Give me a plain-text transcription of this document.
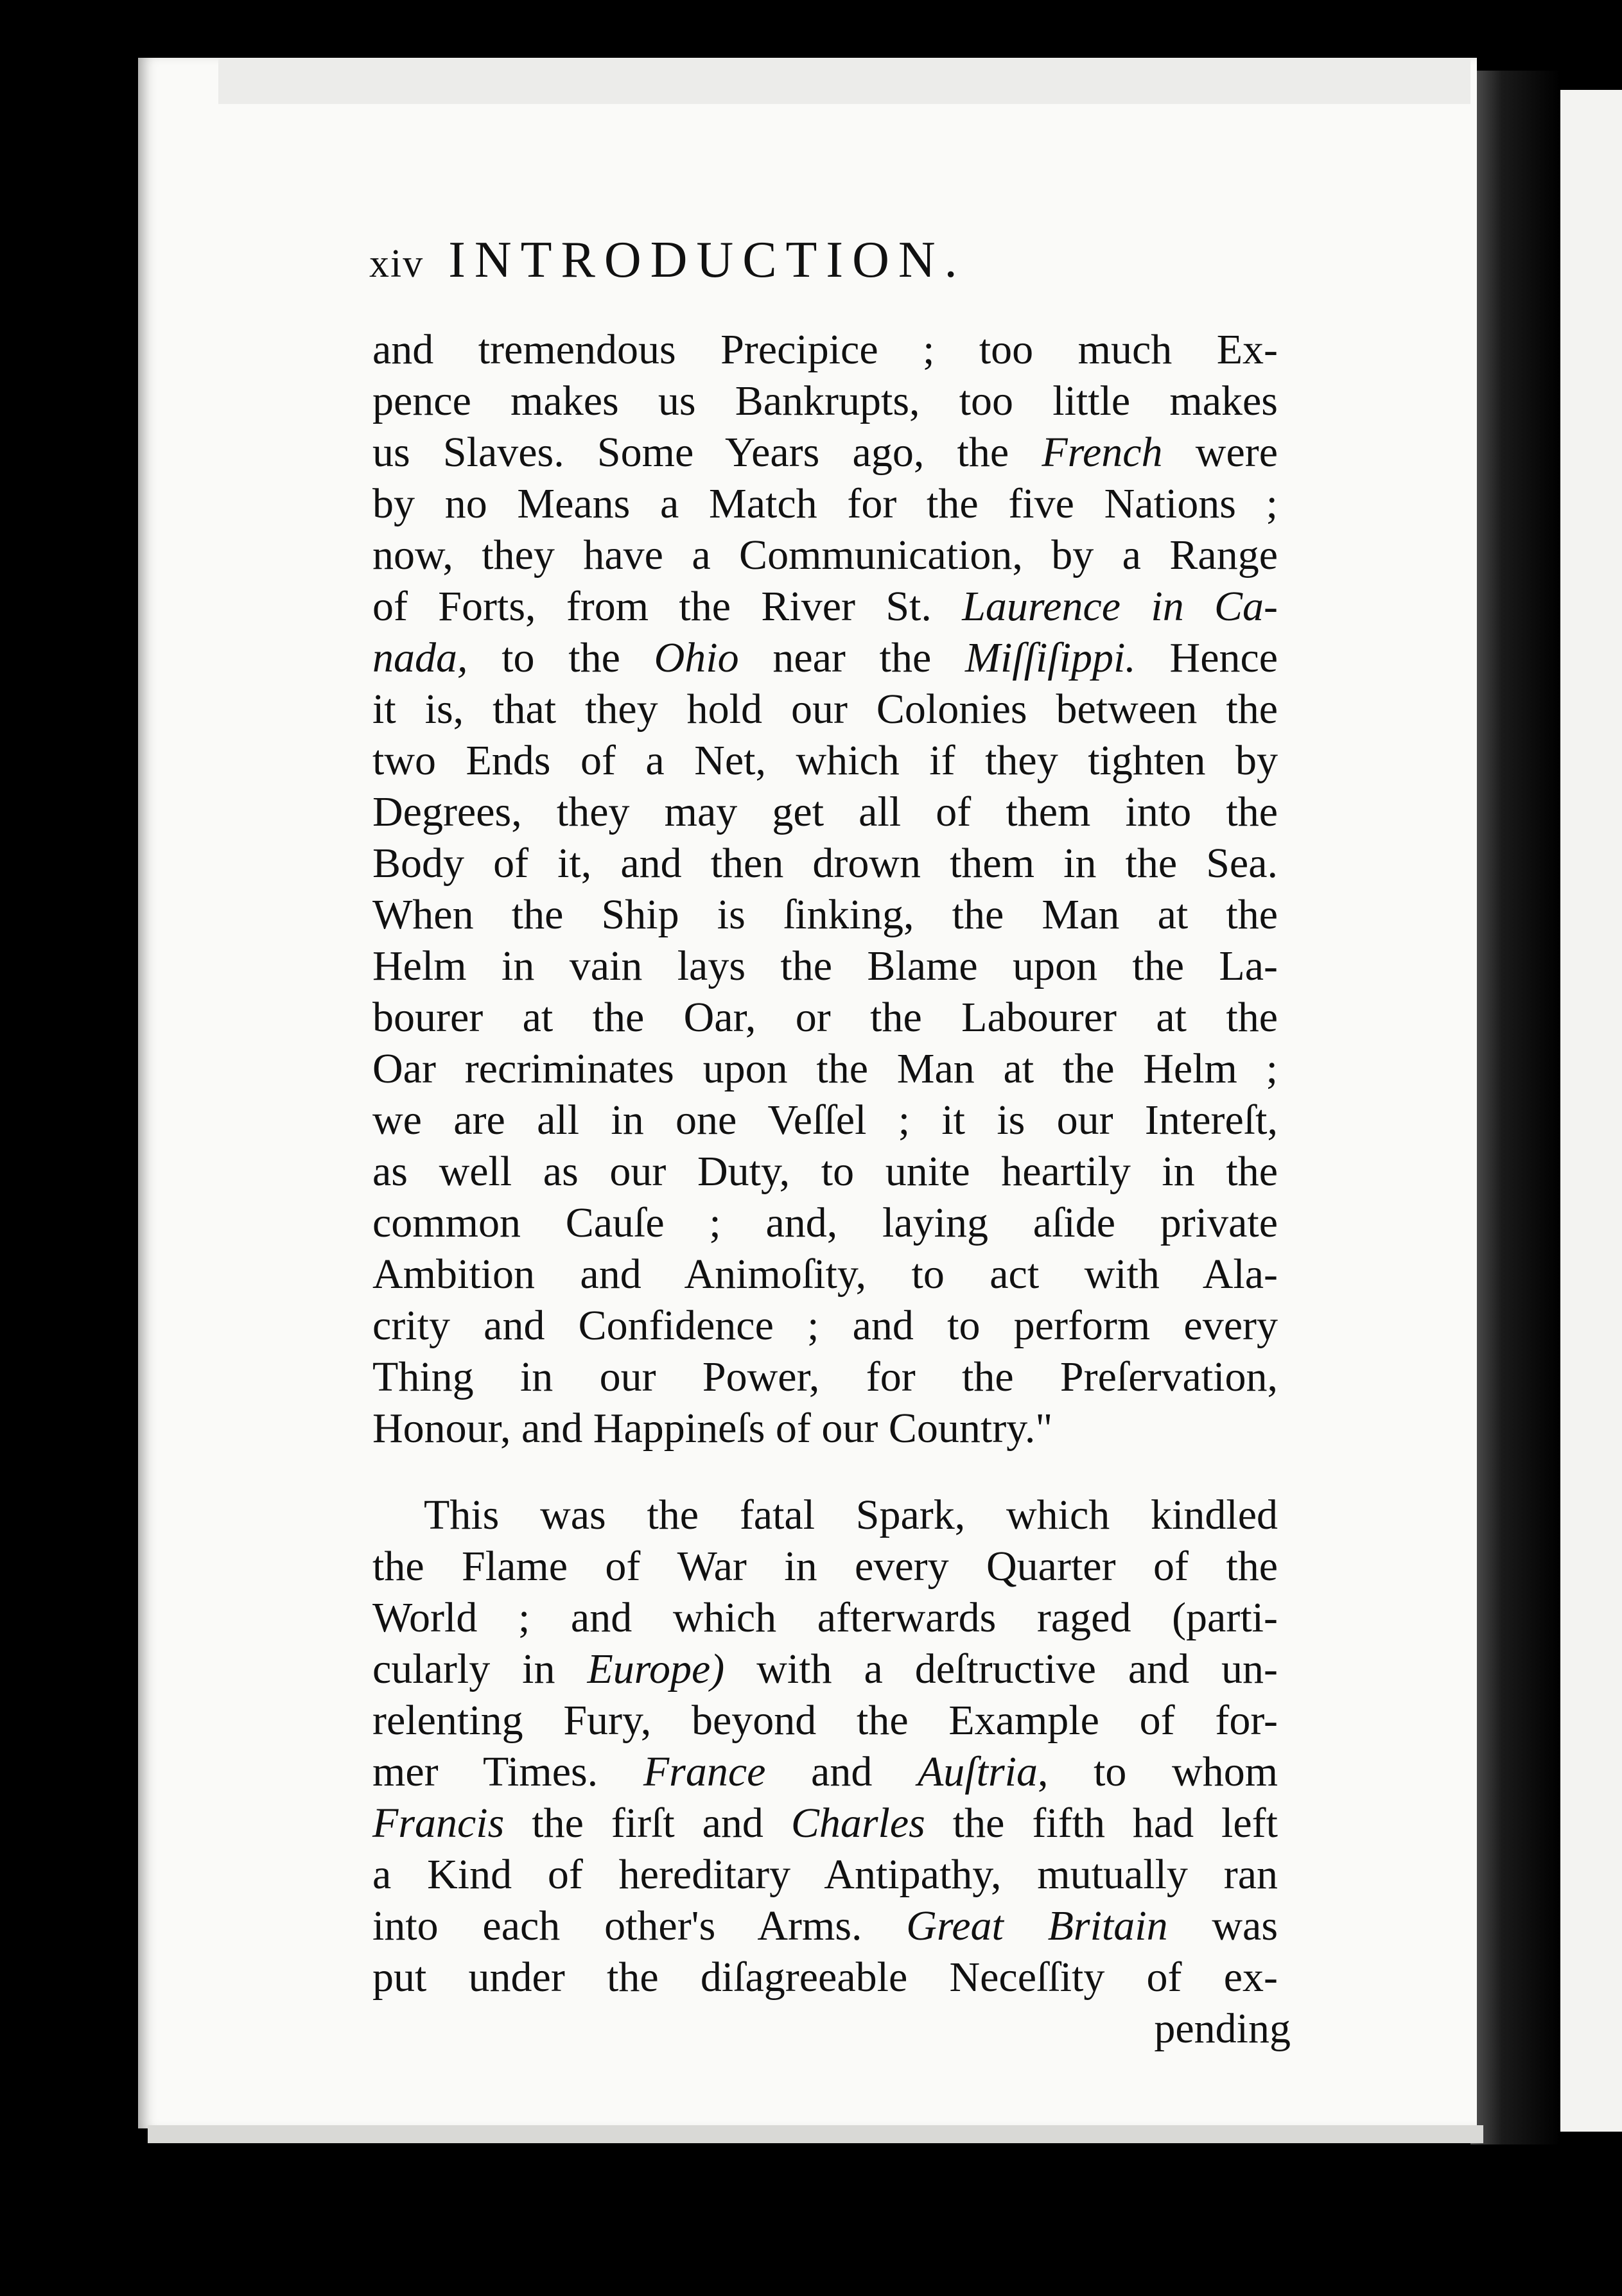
xiv INTRODUCTION.
and tremendous Precipice ; too much Ex-
pence makes us Bankrupts, too little makes
us Slaves. Some Years ago, the French were
by no Means a Match for the five Nations ;
now, they have a Communication, by a Range
of Forts, from the River St. Laurence in Ca-
nada, to the Ohio near the Miſſiſippi. Hence
it is, that they hold our Colonies between the
two Ends of a Net, which if they tighten by
Degrees, they may get all of them into the
Body of it, and then drown them in the Sea.
When the Ship is ſinking, the Man at the
Helm in vain lays the Blame upon the La-
bourer at the Oar, or the Labourer at the
Oar recriminates upon the Man at the Helm ;
we are all in one Veſſel ; it is our Intereſt,
as well as our Duty, to unite heartily in the
common Cauſe ; and, laying aſide private
Ambition and Animoſity, to act with Ala-
crity and Confidence ; and to perform every
Thing in our Power, for the Preſervation,
Honour, and Happineſs of our Country."
This was the fatal Spark, which kindled
the Flame of War in every Quarter of the
World ; and which afterwards raged (parti-
cularly in Europe) with a deſtructive and un-
relenting Fury, beyond the Example of for-
mer Times. France and Auſtria, to whom
Francis the firſt and Charles the fifth had left
a Kind of hereditary Antipathy, mutually ran
into each other's Arms. Great Britain was
put under the diſagreeable Neceſſity of ex-
pending
